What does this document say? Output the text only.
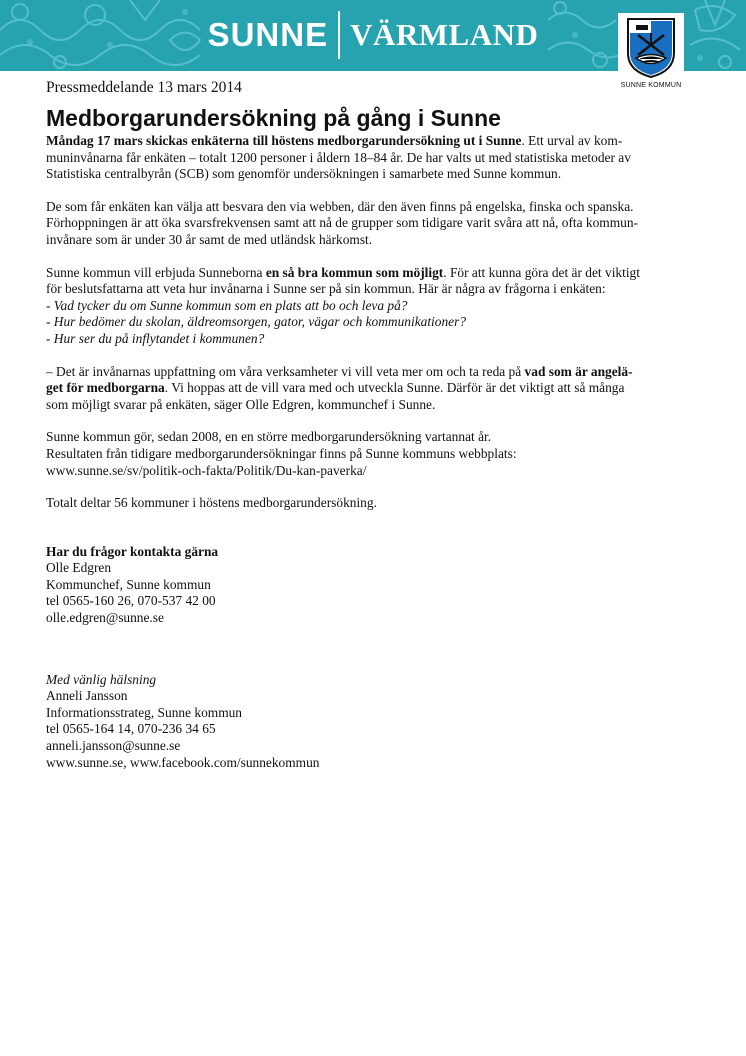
SUNNE VÄRMLAND
SUNNE KOMMUN
Pressmeddelande 13 mars 2014
Medborgarundersökning på gång i Sunne

Måndag 17 mars skickas enkäterna till höstens medborgarundersökning ut i Sunne. Ett urval av kom-

muninvånarna får enkäten – totalt 1200 personer i åldern 18–84 år. De har valts ut med statistiska metoder av

Statistiska centralbyrån (SCB) som genomför undersökningen i samarbete med Sunne kommun.

De som får enkäten kan välja att besvara den via webben, där den även finns på engelska, finska och spanska.

Förhoppningen är att öka svarsfrekvensen samt att nå de grupper som tidigare varit svåra att nå, ofta kommun-

invånare som är under 30 år samt de med utländsk härkomst.

Sunne kommun vill erbjuda Sunneborna en så bra kommun som möjligt. För att kunna göra det är det viktigt

för beslutsfattarna att veta hur invånarna i Sunne ser på sin kommun. Här är några av frågorna i enkäten:

- Vad tycker du om Sunne kommun som en plats att bo och leva på?

- Hur bedömer du skolan, äldreomsorgen, gator, vägar och kommunikationer?

- Hur ser du på inflytandet i kommunen?

– Det är invånarnas uppfattning om våra verksamheter vi vill veta mer om och ta reda på vad som är angelä-

get för medborgarna. Vi hoppas att de vill vara med och utveckla Sunne. Därför är det viktigt att så många

som möjligt svarar på enkäten, säger Olle Edgren, kommunchef i Sunne.

Sunne kommun gör, sedan 2008, en en större medborgarundersökning vartannat år.

Resultaten från tidigare medborgarundersökningar finns på Sunne kommuns webbplats:

www.sunne.se/sv/politik-och-fakta/Politik/Du-kan-paverka/

Totalt deltar 56 kommuner i höstens medborgarundersökning.

Har du frågor kontakta gärna

Olle Edgren

Kommunchef, Sunne kommun

tel 0565-160 26, 070-537 42 00

olle.edgren@sunne.se

Med vänlig hälsning

Anneli Jansson

Informationsstrateg, Sunne kommun

tel 0565-164 14, 070-236 34 65

anneli.jansson@sunne.se

www.sunne.se, www.facebook.com/sunnekommun
